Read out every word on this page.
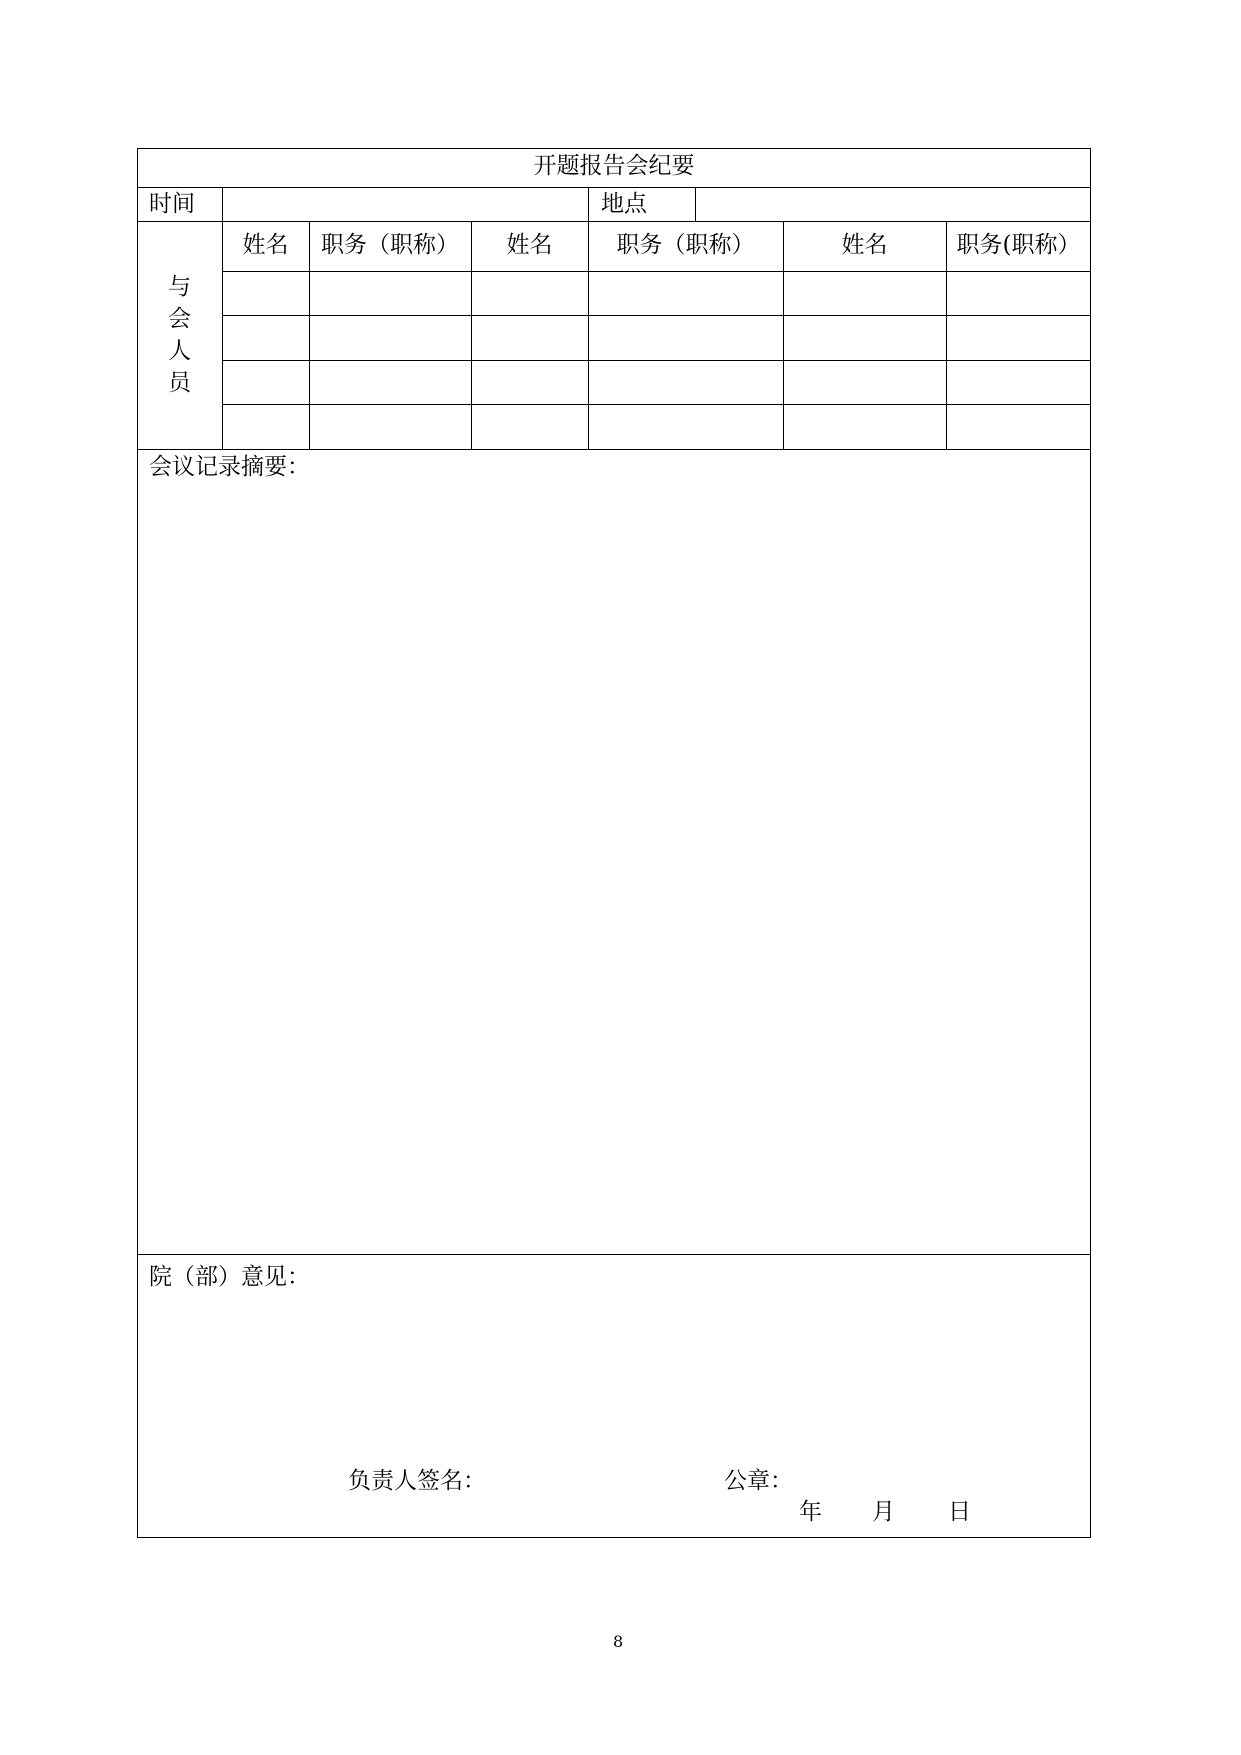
开题报告会纪要
时间	地点
与
会
人
员
姓名	职务（职称）	姓名	职务（职称）	姓名	职务(职称）
会议记录摘要：
院（部）意见：
负责人签名：	公章：
年 月 日
8
